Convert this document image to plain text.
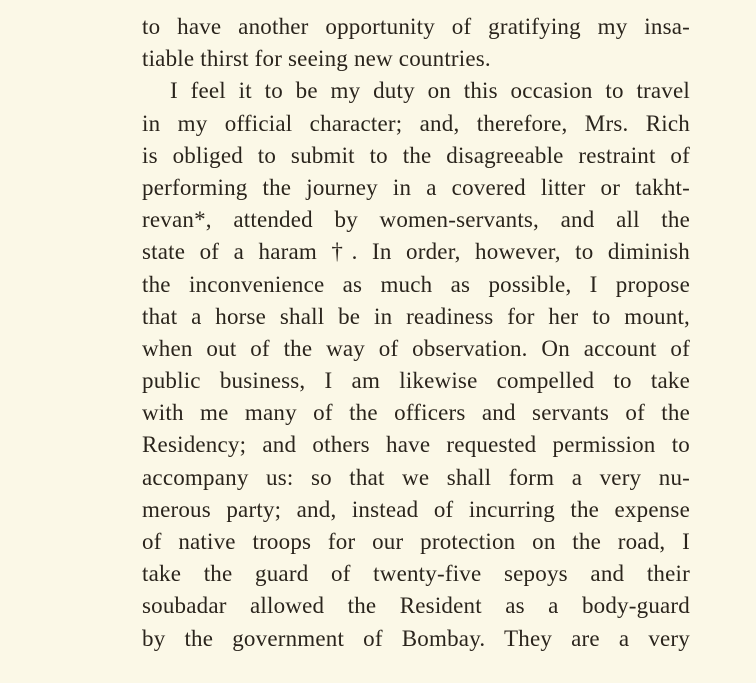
to have another opportunity of gratifying my insa-
tiable thirst for seeing new countries.
I feel it to be my duty on this occasion to travel
in my official character; and, therefore, Mrs. Rich
is obliged to submit to the disagreeable restraint of
performing the journey in a covered litter or takht-
revan*, attended by women-servants, and all the
state of a haram †. In order, however, to diminish
the inconvenience as much as possible, I propose
that a horse shall be in readiness for her to mount,
when out of the way of observation. On account of
public business, I am likewise compelled to take
with me many of the officers and servants of the
Residency; and others have requested permission to
accompany us: so that we shall form a very nu-
merous party; and, instead of incurring the expense
of native troops for our protection on the road, I
take the guard of twenty-five sepoys and their
soubadar allowed the Resident as a body-guard
by the government of Bombay. They are a very
